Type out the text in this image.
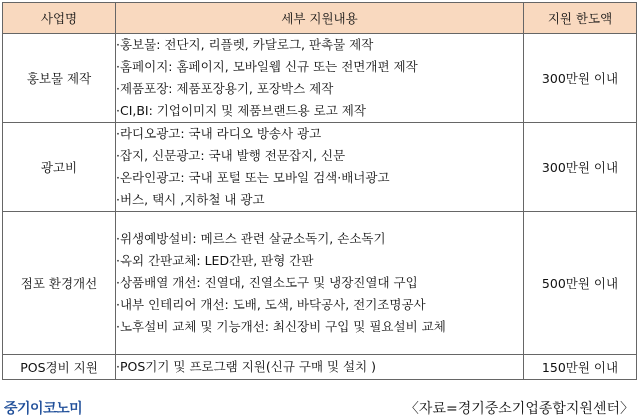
사업명	세부 지원내용	지원 한도액
홍보물 제작	·홍보물: 전단지, 리플렛, 카달로그, 판촉물 제작
·홈페이지: 홈페이지, 모바일웹 신규 또는 전면개편 제작
·제품포장: 제품포장용기, 포장박스 제작
·CI,BI: 기업이미지 및 제품브랜드용 로고 제작	300만원 이내
광고비	·라디오광고: 국내 라디오 방송사 광고
·잡지, 신문광고: 국내 발행 전문잡지, 신문
·온라인광고: 국내 포털 또는 모바일 검색·배너광고
·버스, 택시 ,지하철 내 광고	300만원 이내
점포 환경개선	·위생예방설비: 메르스 관련 살균소독기, 손소독기
·옥외 간판교체: LED간판, 판형 간판
·상품배열 개선: 진열대, 진열소도구 및 냉장진열대 구입
·내부 인테리어 개선: 도배, 도색, 바닥공사, 전기조명공사
·노후설비 교체 및 기능개선: 최신장비 구입 및 필요설비 교체	500만원 이내
POS경비 지원	·POS기기 및 프로그램 지원(신규 구매 및 설치 )	150만원 이내
중기이코노미	〈자료=경기중소기업종합지원센터〉
